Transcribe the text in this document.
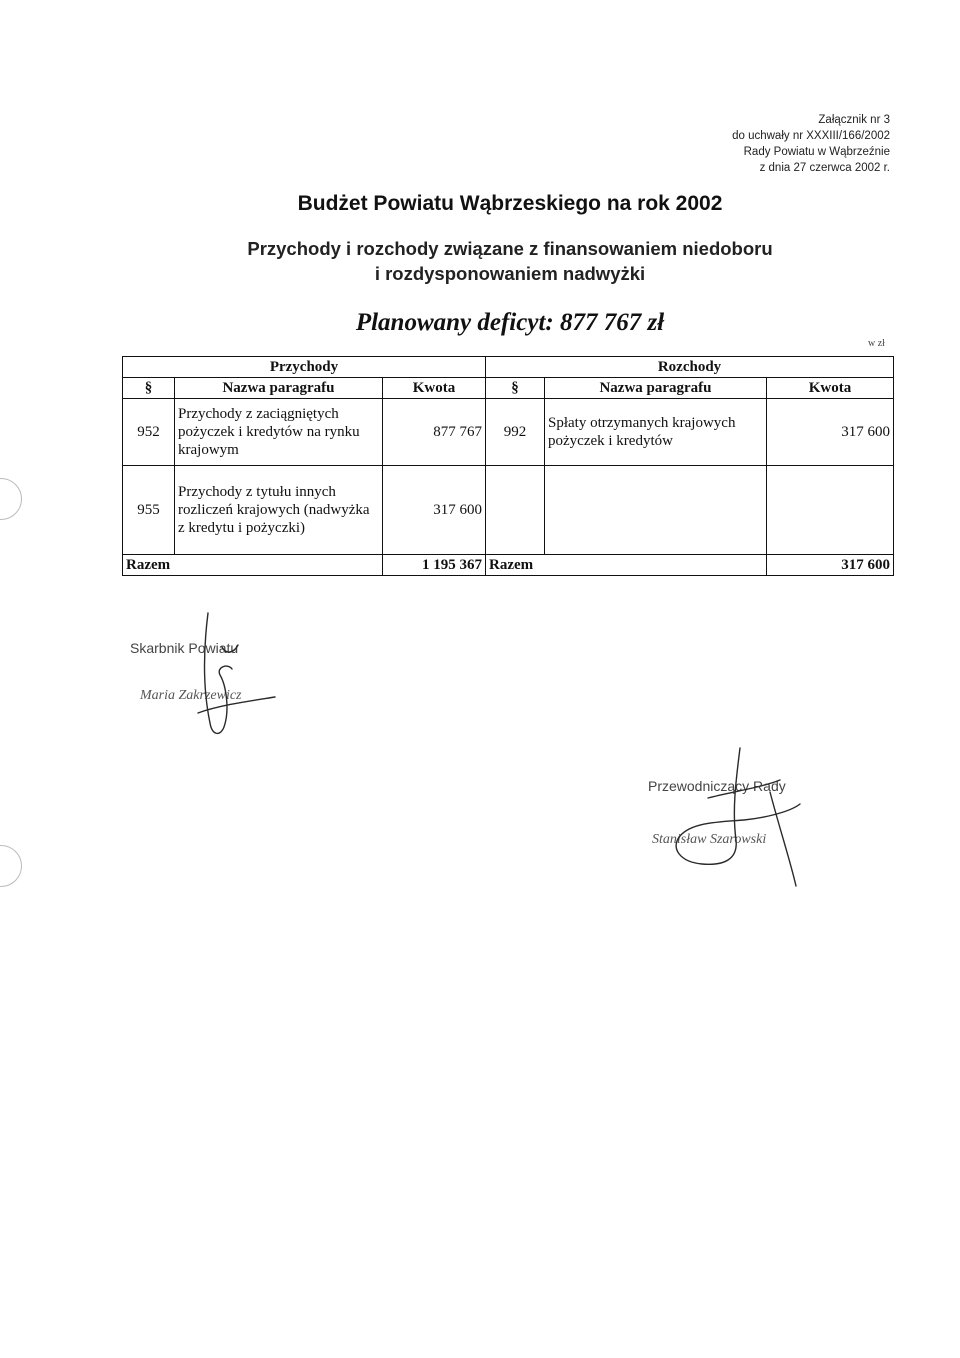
Załącznik nr 3
do uchwały nr XXXIII/166/2002
Rady Powiatu w Wąbrzeźnie
z dnia 27 czerwca 2002 r.
Budżet Powiatu Wąbrzeskiego na rok 2002
Przychody i rozchody związane z finansowaniem niedoboru
i rozdysponowaniem nadwyżki
Planowany deficyt: 877 767 zł
w zł
Przychody			Rozchody		
§	Nazwa paragrafu	Kwota	§	Nazwa paragrafu	Kwota
952	Przychody z zaciągniętych pożyczek i kredytów na rynku krajowym	877 767	992	Spłaty otrzymanych krajowych pożyczek i kredytów	317 600
955	Przychody z tytułu innych rozliczeń krajowych (nadwyżka z kredytu i pożyczki)	317 600			
Razem		1 195 367	Razem		317 600
Skarbnik Powiatu
Maria Zakrzewicz
Przewodniczący Rady
Stanisław Szarowski
